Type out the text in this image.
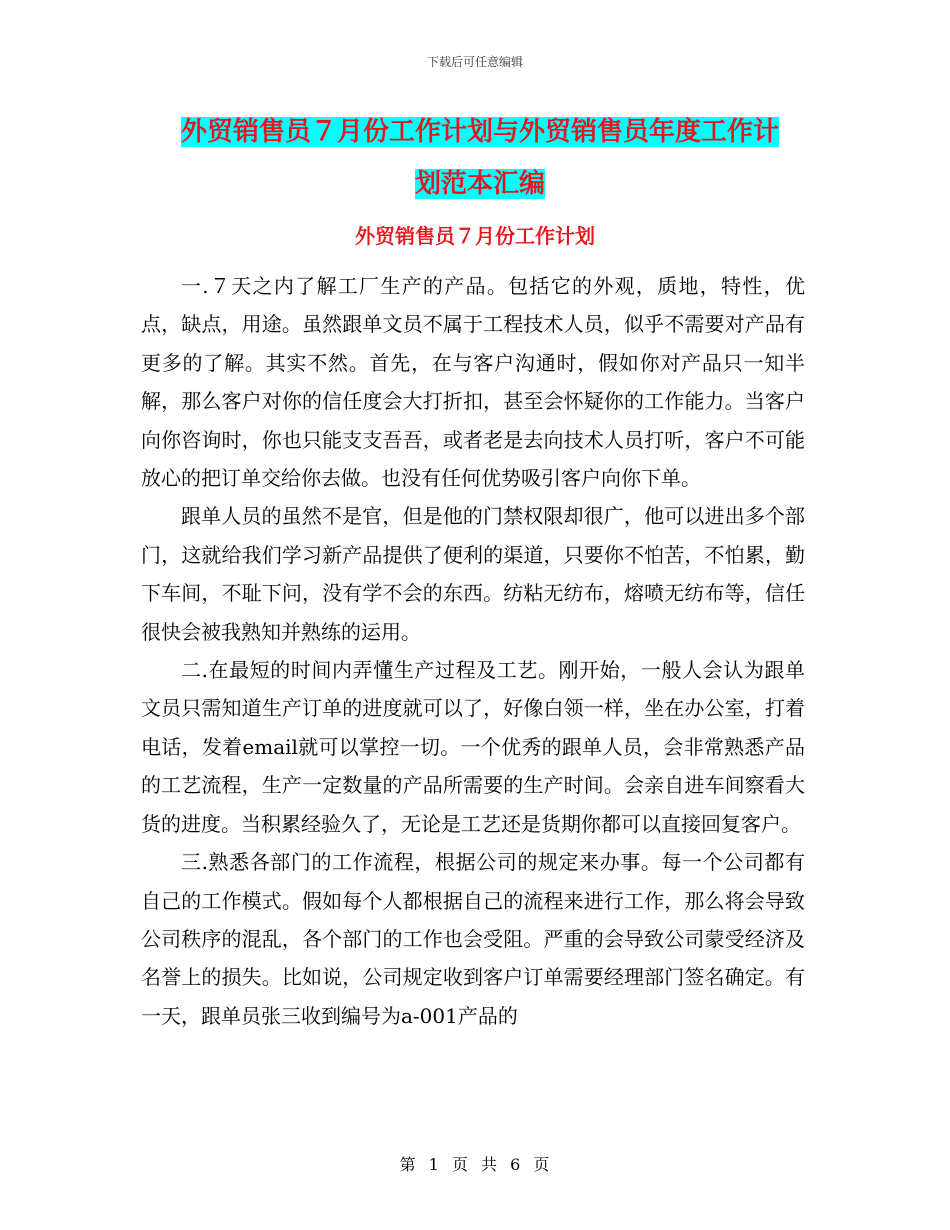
下载后可任意编辑
外贸销售员７月份工作计划与外贸销售员年度工作计
划范本汇编
外贸销售员７月份工作计划

一.７天之内了解工厂生产的产品。包括它的外观，质地，特性，优点，缺点，用途。虽然跟单文员不属于工程技术人员，似乎不需要对产品有更多的了解。其实不然。首先，在与客户沟通时，假如你对产品只一知半解，那么客户对你的信任度会大打折扣，甚至会怀疑你的工作能力。当客户向你咨询时，你也只能支支吾吾，或者老是去向技术人员打听，客户不可能放心的把订单交给你去做。也没有任何优势吸引客户向你下单。

跟单人员的虽然不是官，但是他的门禁权限却很广，他可以进出多个部门，这就给我们学习新产品提供了便利的渠道，只要你不怕苦，不怕累，勤下车间，不耻下问，没有学不会的东西。纺粘无纺布，熔喷无纺布等，信任很快会被我熟知并熟练的运用。

二.在最短的时间内弄懂生产过程及工艺。刚开始，一般人会认为跟单文员只需知道生产订单的进度就可以了，好像白领一样，坐在办公室，打着电话，发着email就可以掌控一切。一个优秀的跟单人员，会非常熟悉产品的工艺流程，生产一定数量的产品所需要的生产时间。会亲自进车间察看大货的进度。当积累经验久了，无论是工艺还是货期你都可以直接回复客户。

三.熟悉各部门的工作流程，根据公司的规定来办事。每一个公司都有自己的工作模式。假如每个人都根据自己的流程来进行工作，那么将会导致公司秩序的混乱，各个部门的工作也会受阻。严重的会导致公司蒙受经济及名誉上的损失。比如说，公司规定收到客户订单需要经理部门签名确定。有一天，跟单员张三收到编号为a-001产品的

第 1 页 共 6 页
